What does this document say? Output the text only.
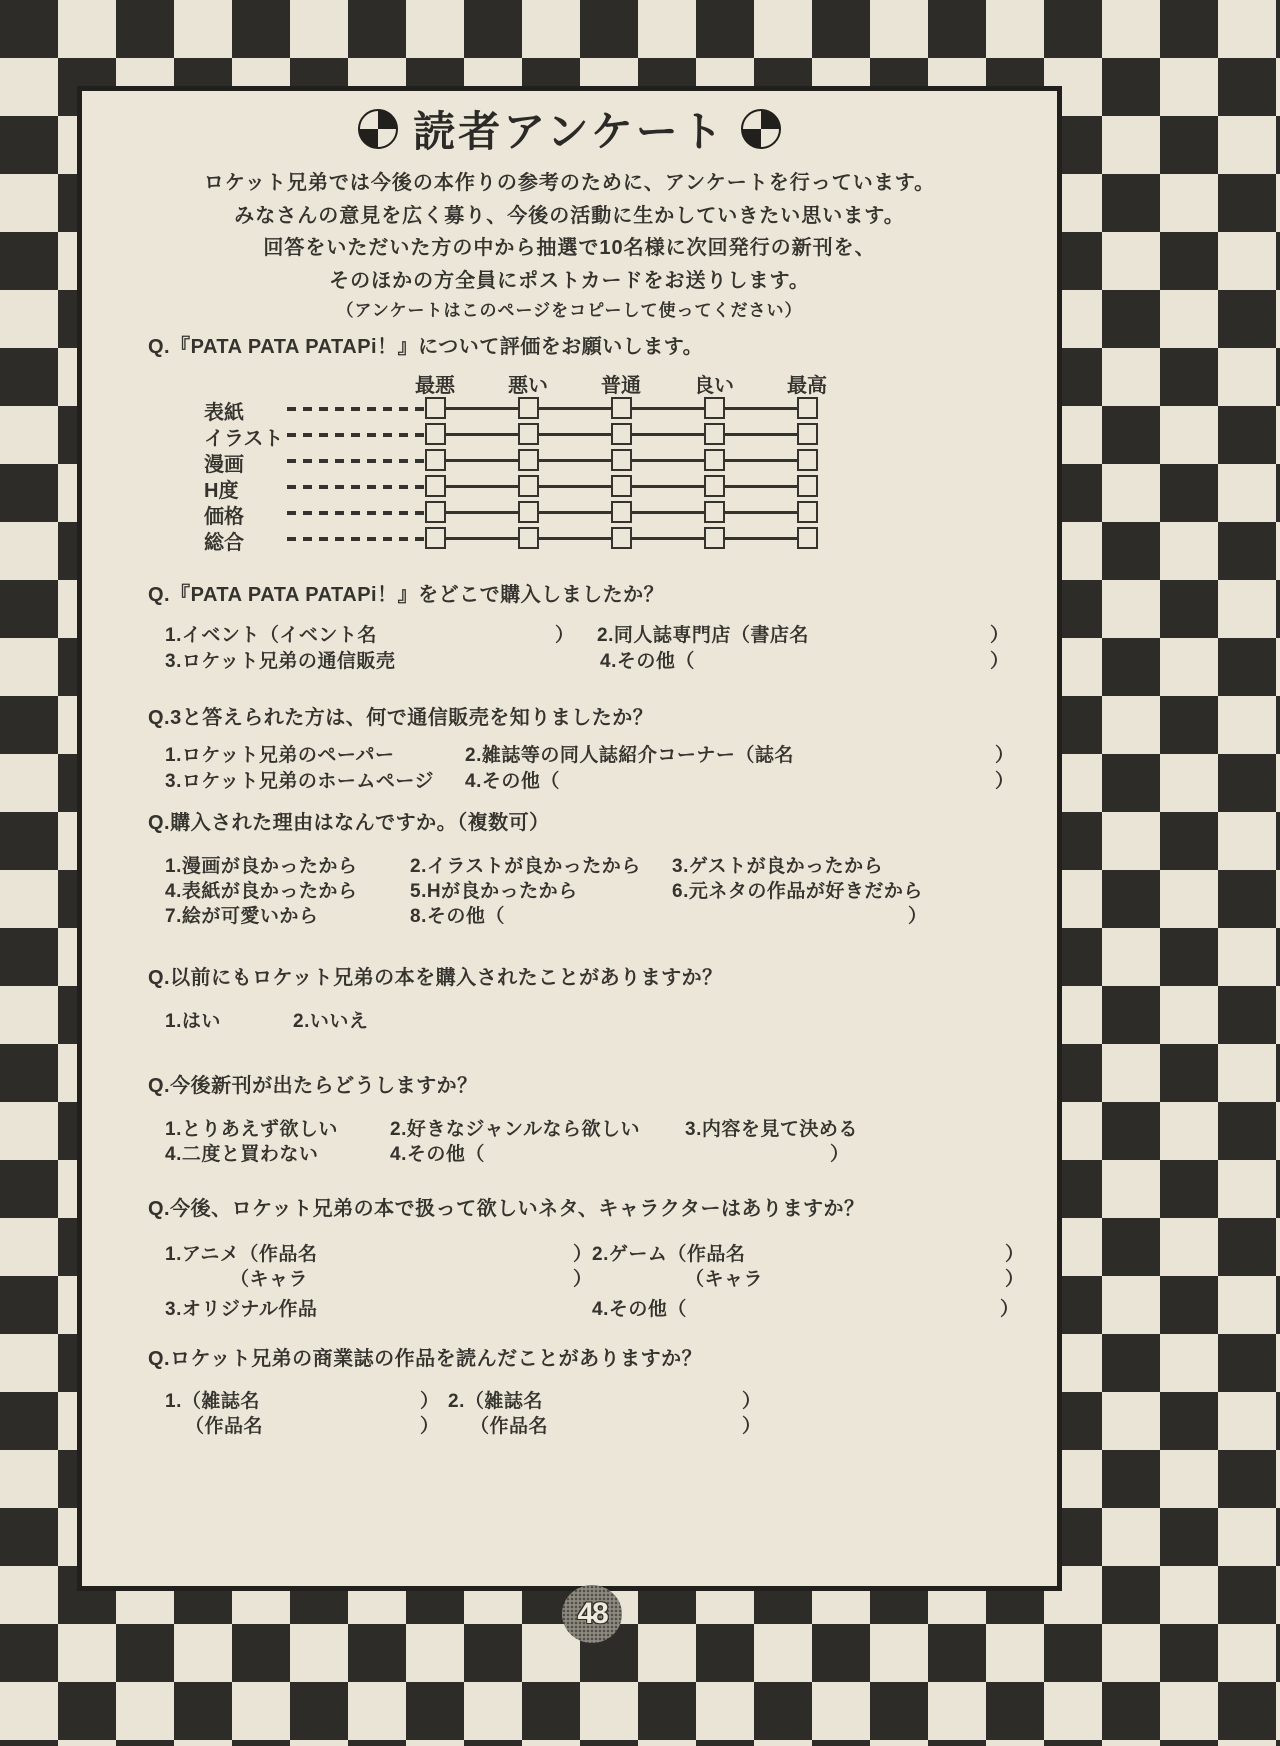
読者アンケート
ロケット兄弟では今後の本作りの参考のために、アンケートを行っています。
みなさんの意見を広く募り、今後の活動に生かしていきたい思います。
回答をいただいた方の中から抽選で10名様に次回発行の新刊を、
そのほかの方全員にポストカードをお送りします。
（アンケートはこのページをコピーして使ってください）
Q.『PATA PATA PATAPi！』について評価をお願いします。
最悪	悪い	普通	良い	最高
表紙
イラスト
漫画
H度
価格
総合
Q.『PATA PATA PATAPi！』をどこで購入しましたか？
1.イベント（イベント名	） 2.同人誌専門店（書店名	）
3.ロケット兄弟の通信販売	4.その他（	）
Q.3と答えられた方は、何で通信販売を知りましたか？
1.ロケット兄弟のペーパー	2.雑誌等の同人誌紹介コーナー（誌名	）
3.ロケット兄弟のホームページ 4.その他（	）
Q.購入された理由はなんですか。（複数可）
1.漫画が良かったから	2.イラストが良かったから 3.ゲストが良かったから
4.表紙が良かったから	5.Hが良かったから	6.元ネタの作品が好きだから
7.絵が可愛いから	8.その他（	）
Q.以前にもロケット兄弟の本を購入されたことがありますか？
1.はい	2.いいえ
Q.今後新刊が出たらどうしますか？
1.とりあえず欲しい	2.好きなジャンルなら欲しい 3.内容を見て決める
4.二度と買わない	4.その他（	）
Q.今後、ロケット兄弟の本で扱って欲しいネタ、キャラクターはありますか？
1.アニメ（作品名	） 2.ゲーム（作品名	）
（キャラ	）	（キャラ	）
3.オリジナル作品	4.その他（	）
Q.ロケット兄弟の商業誌の作品を読んだことがありますか？
1.（雑誌名	） 2.（雑誌名	）
（作品名	） （作品名	）
48
